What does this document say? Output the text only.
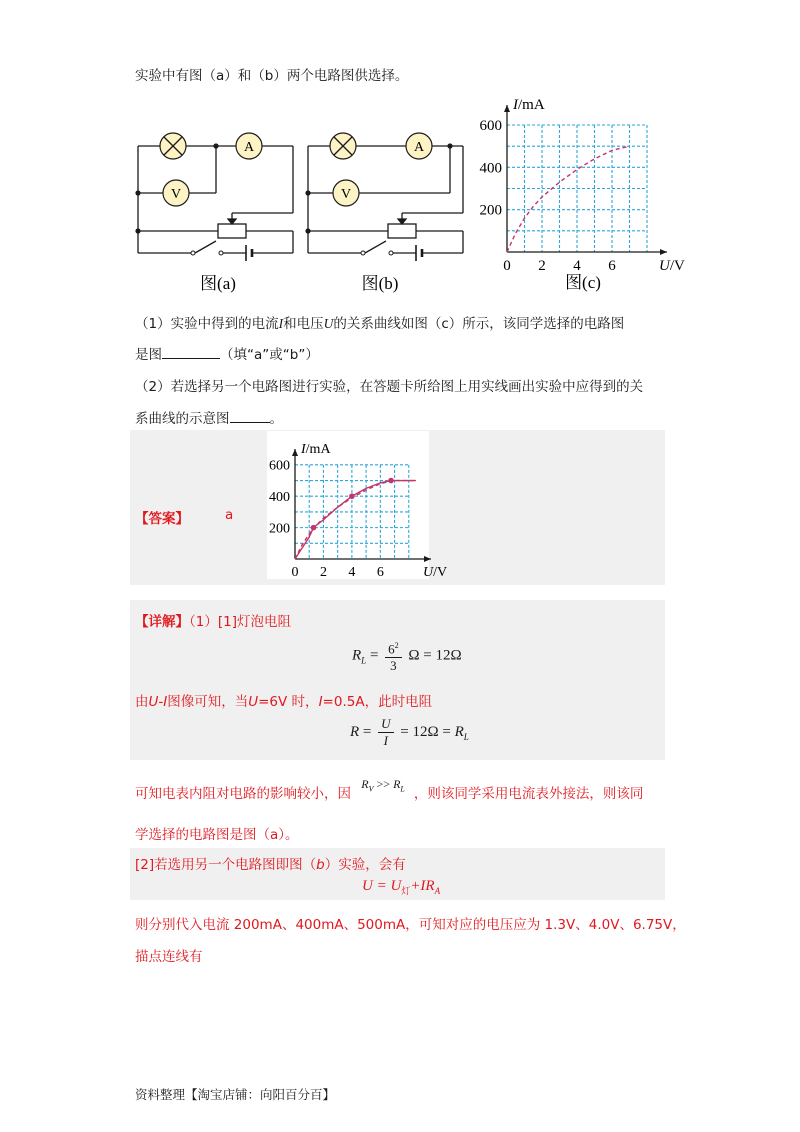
实验中有图（a）和（b）两个电路图供选择。
A
V
图(a)
A
V
图(b)
0 2 4 6
200
400
600
I/mA
U/V
图(c)
（1）实验中得到的电流I和电压U的关系曲线如图（c）所示，该同学选择的电路图
是图	（填“a”或“b”）
（2）若选择另一个电路图进行实验，在答题卡所给图上用实线画出实验中应得到的关
系曲线的示意图	。
【答案】	a
0 2 4 6
200
400
600
I/mA
U/V
【详解】（1）[1]灯泡电阻
$R_L = \frac{6^2}{3}$ Ω = 12Ω
由U-I图像可知，当U=6V 时，I=0.5A，此时电阻
$R = \frac{U}{I} = 12\Omega = R_L$
可知电表内阻对电路的影响较小，因 $R_V >> R_L$ ，则该同学采用电流表外接法，则该同
学选择的电路图是图（a）。
[2]若选用另一个电路图即图（b）实验，会有
$U = U_灯+IR_A$
则分别代入电流 200mA、400mA、500mA，可知对应的电压应为 1.3V、4.0V、6.75V，
描点连线有
资料整理【淘宝店铺：向阳百分百】
